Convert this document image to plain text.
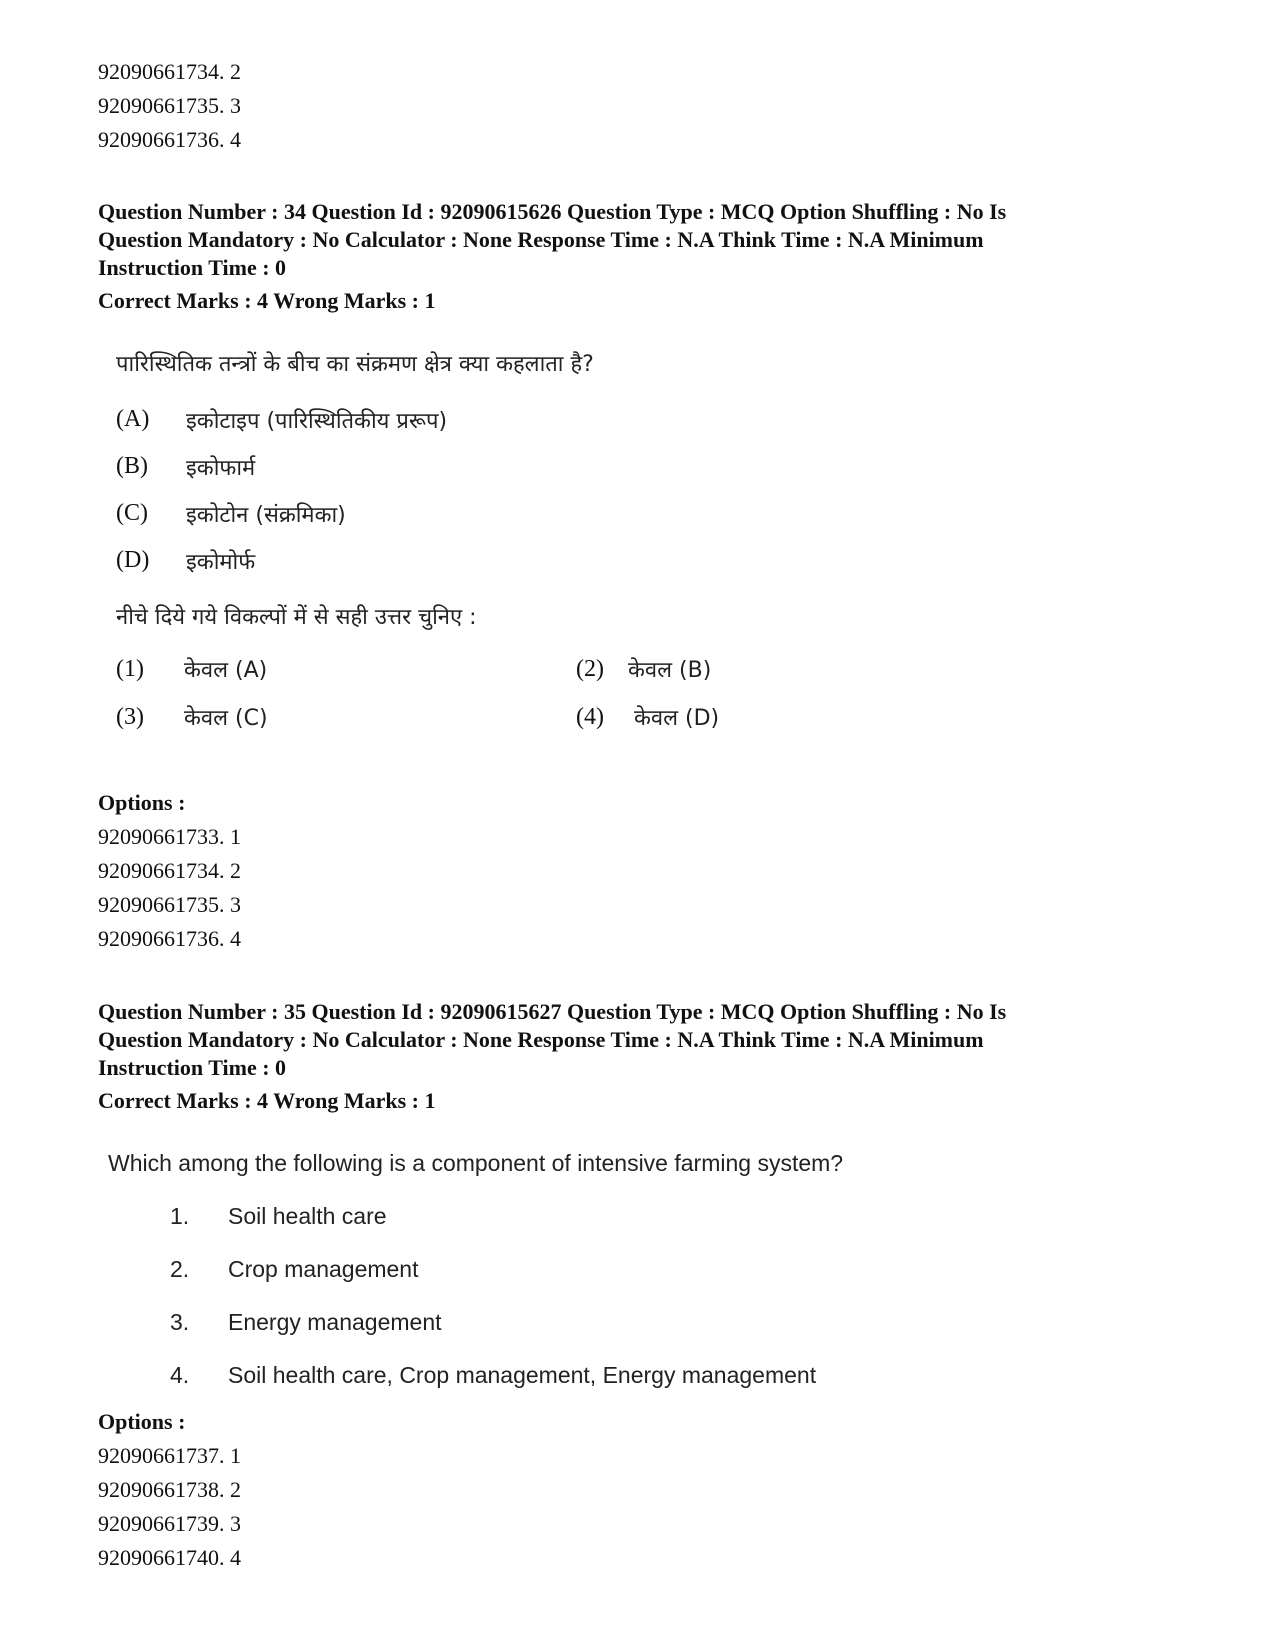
92090661734. 2
92090661735. 3
92090661736. 4
Question Number : 34 Question Id : 92090615626 Question Type : MCQ Option Shuffling : No Is
Question Mandatory : No Calculator : None Response Time : N.A Think Time : N.A Minimum
Instruction Time : 0
Correct Marks : 4 Wrong Marks : 1
पारिस्थितिक तन्त्रों के बीच का संक्रमण क्षेत्र क्या कहलाता है?
(A)	इकोटाइप (पारिस्थितिकीय प्ररूप)
(B)	इकोफार्म
(C)	इकोटोन (संक्रमिका)
(D)	इकोमोर्फ
नीचे दिये गये विकल्पों में से सही उत्तर चुनिए :
(1)	केवल (A)	(2)	केवल (B)
(3)	केवल (C)	(4)	केवल (D)
Options :
92090661733. 1
92090661734. 2
92090661735. 3
92090661736. 4
Question Number : 35 Question Id : 92090615627 Question Type : MCQ Option Shuffling : No Is
Question Mandatory : No Calculator : None Response Time : N.A Think Time : N.A Minimum
Instruction Time : 0
Correct Marks : 4 Wrong Marks : 1
Which among the following is a component of intensive farming system?
1.	Soil health care
2.	Crop management
3.	Energy management
4.	Soil health care, Crop management, Energy management
Options :
92090661737. 1
92090661738. 2
92090661739. 3
92090661740. 4
